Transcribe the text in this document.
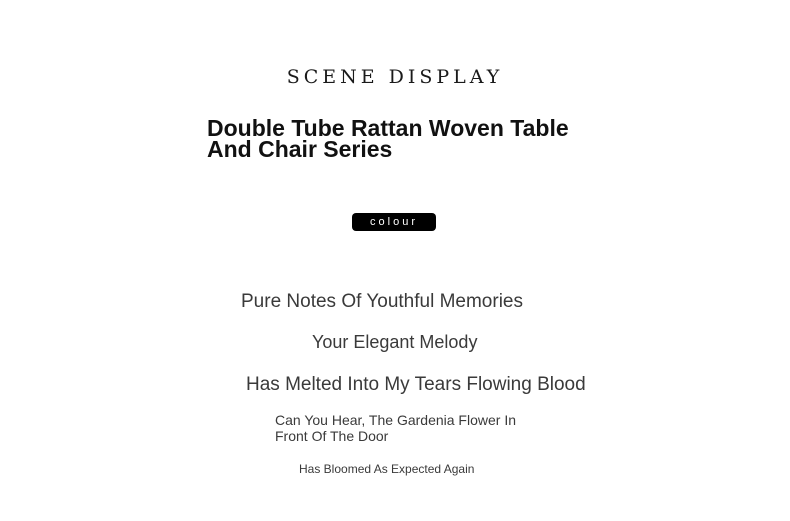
SCENE DISPLAY
Double Tube Rattan Woven Table And Chair Series
colour
Pure Notes Of Youthful Memories
Your Elegant Melody
Has Melted Into My Tears Flowing Blood
Can You Hear, The Gardenia Flower In Front Of The Door
Has Bloomed As Expected Again
